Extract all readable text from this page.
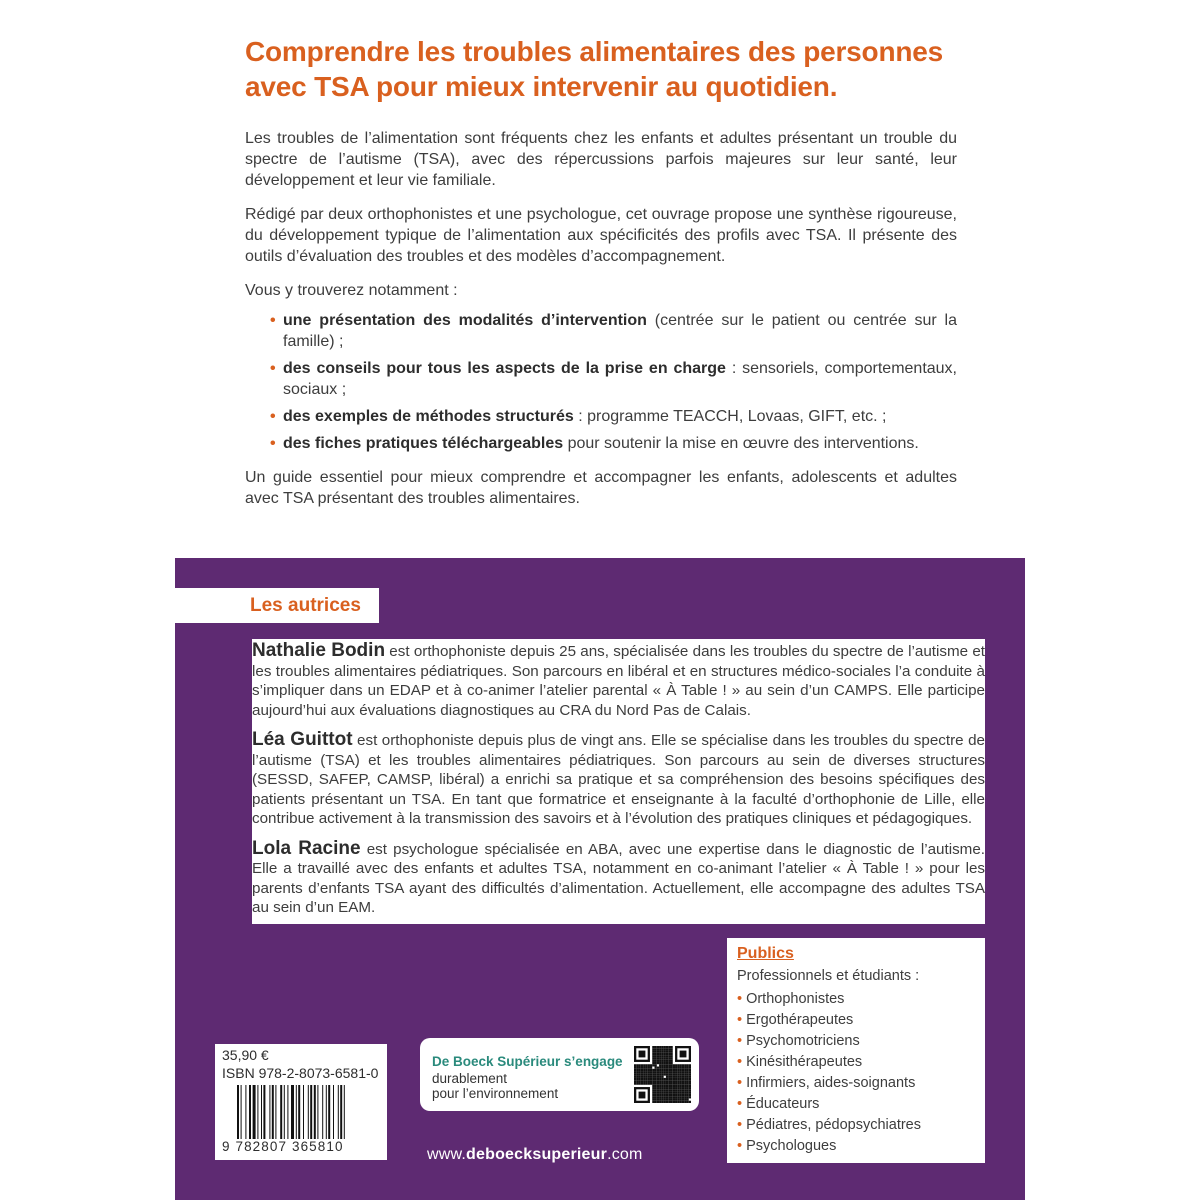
Comprendre les troubles alimentaires des personnes avec TSA pour mieux intervenir au quotidien.

Les troubles de l’alimentation sont fréquents chez les enfants et adultes présentant un trouble du spectre de l’autisme (TSA), avec des répercussions parfois majeures sur leur santé, leur développement et leur vie familiale.

Rédigé par deux orthophonistes et une psychologue, cet ouvrage propose une synthèse rigoureuse, du développement typique de l’alimentation aux spécificités des profils avec TSA. Il présente des outils d’évaluation des troubles et des modèles d’accompagnement.

Vous y trouverez notamment :

• une présentation des modalités d’intervention (centrée sur le patient ou centrée sur la famille) ;
• des conseils pour tous les aspects de la prise en charge : sensoriels, comportementaux, sociaux ;
• des exemples de méthodes structurés : programme TEACCH, Lovaas, GIFT, etc. ;
• des fiches pratiques téléchargeables pour soutenir la mise en œuvre des interventions.

Un guide essentiel pour mieux comprendre et accompagner les enfants, adolescents et adultes avec TSA présentant des troubles alimentaires.

Les autrices

Nathalie Bodin est orthophoniste depuis 25 ans, spécialisée dans les troubles du spectre de l’autisme et les troubles alimentaires pédiatriques. Son parcours en libéral et en structures médico-sociales l’a conduite à s’impliquer dans un EDAP et à co-animer l’atelier parental « À Table ! » au sein d’un CAMPS. Elle participe aujourd’hui aux évaluations diagnostiques au CRA du Nord Pas de Calais.

Léa Guittot est orthophoniste depuis plus de vingt ans. Elle se spécialise dans les troubles du spectre de l’autisme (TSA) et les troubles alimentaires pédiatriques. Son parcours au sein de diverses structures (SESSD, SAFEP, CAMSP, libéral) a enrichi sa pratique et sa compréhension des besoins spécifiques des patients présentant un TSA. En tant que formatrice et enseignante à la faculté d’orthophonie de Lille, elle contribue activement à la transmission des savoirs et à l’évolution des pratiques cliniques et pédagogiques.

Lola Racine est psychologue spécialisée en ABA, avec une expertise dans le diagnostic de l’autisme. Elle a travaillé avec des enfants et adultes TSA, notamment en co-animant l’atelier « À Table ! » pour les parents d’enfants TSA ayant des difficultés d’alimentation. Actuellement, elle accompagne des adultes TSA au sein d’un EAM.

Publics
Professionnels et étudiants :
• Orthophonistes
• Ergothérapeutes
• Psychomotriciens
• Kinésithérapeutes
• Infirmiers, aides-soignants
• Éducateurs
• Pédiatres, pédopsychiatres
• Psychologues
35,90 €
ISBN 978-2-8073-6581-0
9 782807 365810
De Boeck Supérieur s’engage
durablement
pour l’environnement
www.deboecksuperieur.com
